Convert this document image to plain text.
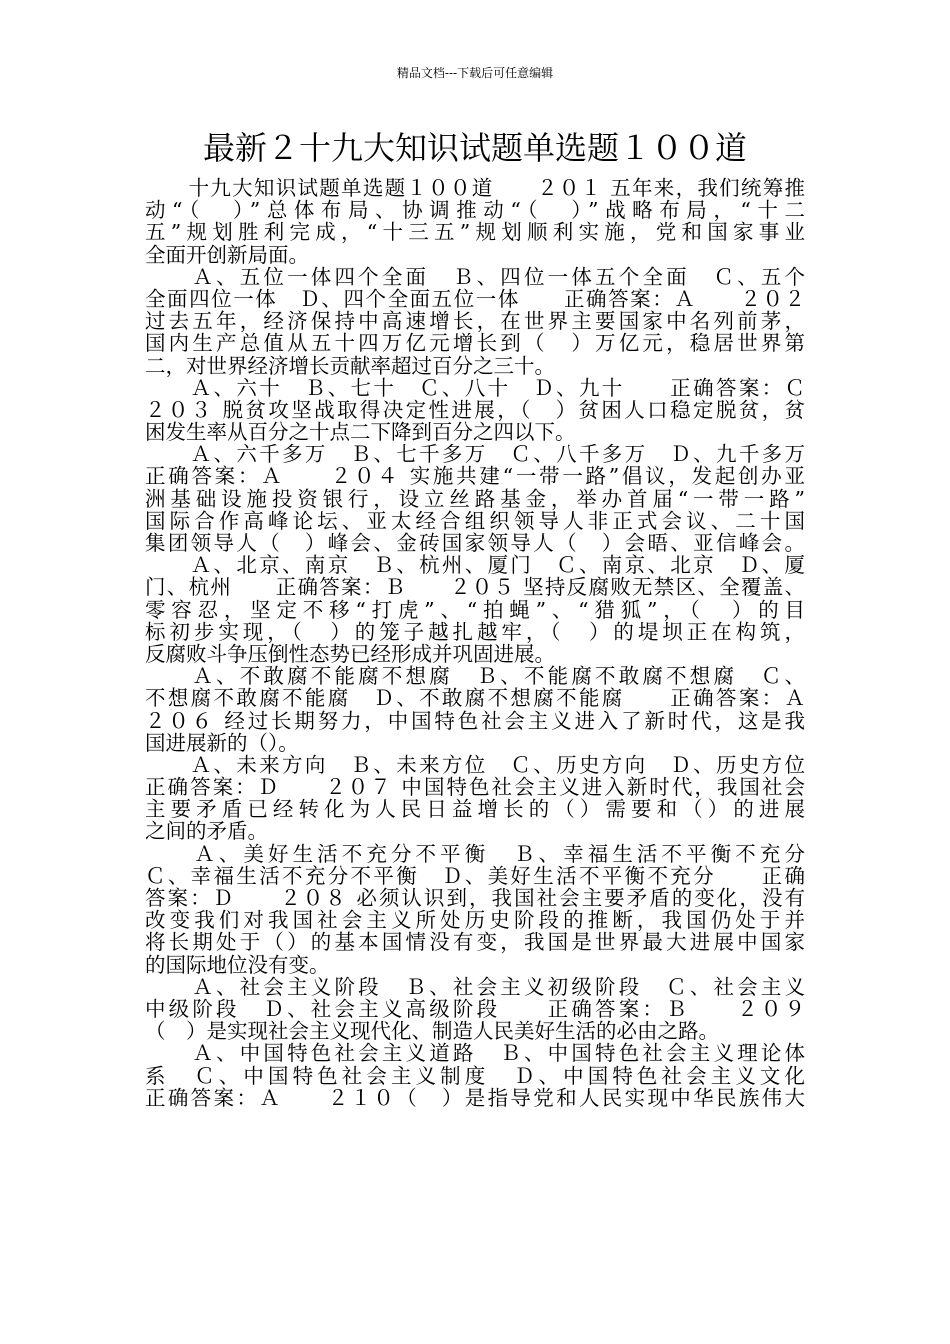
精品文档---下载后可任意编辑
最新２十九大知识试题单选题１００道
　　十九大知识试题单选题１００道　　２０１ 五年来，我们统筹推
动“（　）”总体布局、协调推动“（　）”战略布局，“十二
五”规划胜利完成，“十三五”规划顺利实施，党和国家事业
全面开创新局面。
　　Ａ、五位一体四个全面　Ｂ、四位一体五个全面　Ｃ、五个
全面四位一体　Ｄ、四个全面五位一体　　正确答案：Ａ　　２０２
过去五年，经济保持中高速增长，在世界主要国家中名列前茅，
国内生产总值从五十四万亿元增长到（　）万亿元，稳居世界第
二，对世界经济增长贡献率超过百分之三十。
　　Ａ、六十　Ｂ、七十　Ｃ、八十　Ｄ、九十　　正确答案：Ｃ
２０３ 脱贫攻坚战取得决定性进展，（　）贫困人口稳定脱贫，贫
困发生率从百分之十点二下降到百分之四以下。
　　Ａ、六千多万　Ｂ、七千多万　Ｃ、八千多万　Ｄ、九千多万
正确答案：Ａ　　２０４ 实施共建“一带一路”倡议，发起创办亚
洲基础设施投资银行，设立丝路基金，举办首届“一带一路”
国际合作高峰论坛、亚太经合组织领导人非正式会议、二十国
集团领导人（　）峰会、金砖国家领导人（　）会晤、亚信峰会。
　　Ａ、北京、南京　Ｂ、杭州、厦门　Ｃ、南京、北京　Ｄ、厦
门、杭州　　正确答案：Ｂ　　２０５ 坚持反腐败无禁区、全覆盖、
零容忍，坚定不移“打虎”、“拍蝇”、“猎狐”，（　）的目
标初步实现，（　）的笼子越扎越牢，（　）的堤坝正在构筑，
反腐败斗争压倒性态势已经形成并巩固进展。
　　Ａ、不敢腐不能腐不想腐　Ｂ、不能腐不敢腐不想腐　Ｃ、
不想腐不敢腐不能腐　Ｄ、不敢腐不想腐不能腐　　正确答案：Ａ
２０６ 经过长期努力，中国特色社会主义进入了新时代，这是我
国进展新的（）。
　　Ａ、未来方向　Ｂ、未来方位　Ｃ、历史方向　Ｄ、历史方位
正确答案：Ｄ　　２０７ 中国特色社会主义进入新时代，我国社会
主要矛盾已经转化为人民日益增长的（）需要和（）的进展
之间的矛盾。
　　Ａ、美好生活不充分不平衡　Ｂ、幸福生活不平衡不充分
Ｃ、幸福生活不充分不平衡　Ｄ、美好生活不平衡不充分　　正确
答案：Ｄ　　２０８ 必须认识到，我国社会主要矛盾的变化，没有
改变我们对我国社会主义所处历史阶段的推断，我国仍处于并
将长期处于（）的基本国情没有变，我国是世界最大进展中国家
的国际地位没有变。
　　Ａ、社会主义阶段　Ｂ、社会主义初级阶段　Ｃ、社会主义
中级阶段　Ｄ、社会主义高级阶段　　正确答案：Ｂ　　２０９
（　）是实现社会主义现代化、制造人民美好生活的必由之路。
　　Ａ、中国特色社会主义道路　Ｂ、中国特色社会主义理论体
系　Ｃ、中国特色社会主义制度　Ｄ、中国特色社会主义文化
正确答案：Ａ　　２１０（　）是指导党和人民实现中华民族伟大
